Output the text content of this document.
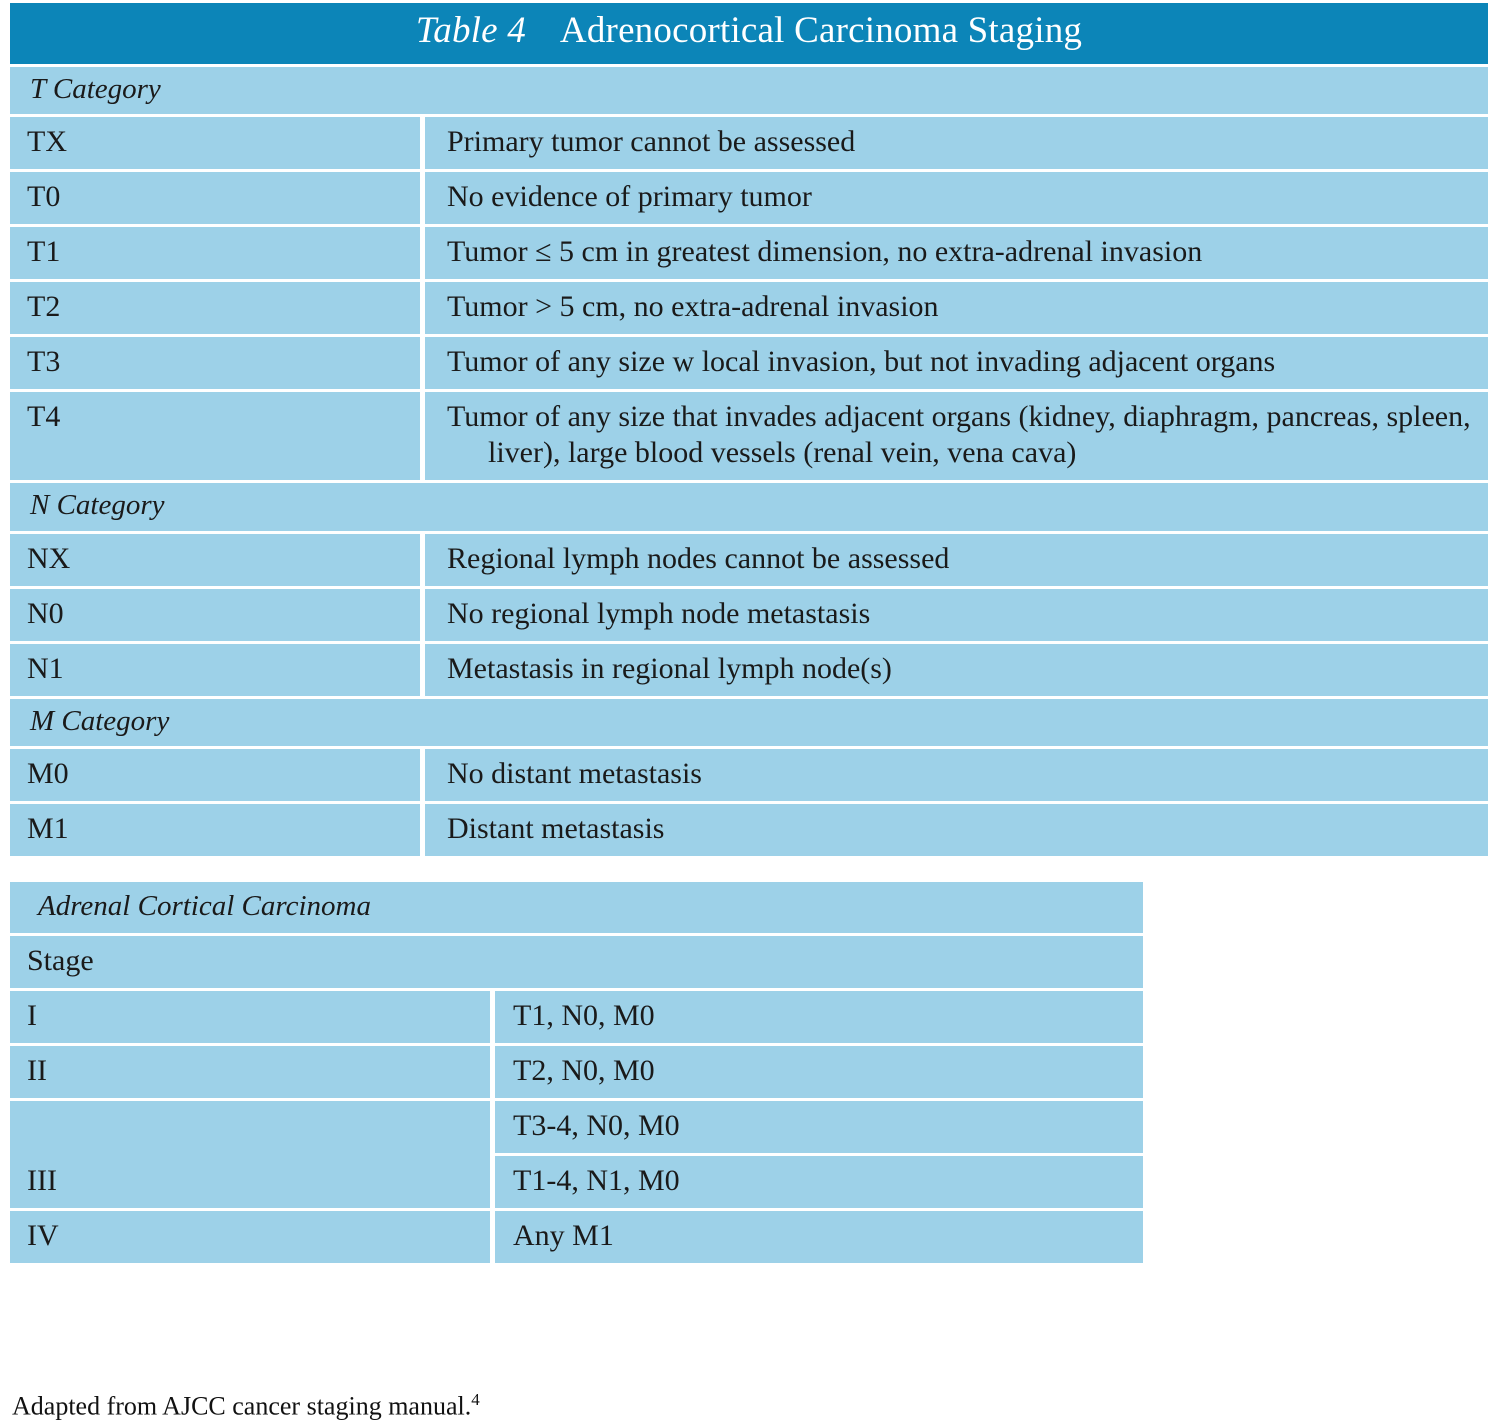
Table 4 Adrenocortical Carcinoma Staging		
T Category		
TX		Primary tumor cannot be assessed
T0		No evidence of primary tumor
T1		Tumor ≤ 5 cm in greatest dimension, no extra-adrenal invasion
T2		Tumor > 5 cm, no extra-adrenal invasion
T3		Tumor of any size w local invasion, but not invading adjacent organs
T4		Tumor of any size that invades adjacent organs (kidney, diaphragm, pancreas, spleen, liver), large blood vessels (renal vein, vena cava)

N Category		
NX		Regional lymph nodes cannot be assessed
N0		No regional lymph node metastasis
N1		Metastasis in regional lymph node(s)
M Category		
M0		No distant metastasis
M1		Distant metastasis
Adrenal Cortical Carcinoma		
Stage		
I		T1, N0, M0
II		T2, N0, M0

III		T3-4, N0, M0
		T1-4, N1, M0
IV		Any M1
Adapted from AJCC cancer staging manual.$^4$
